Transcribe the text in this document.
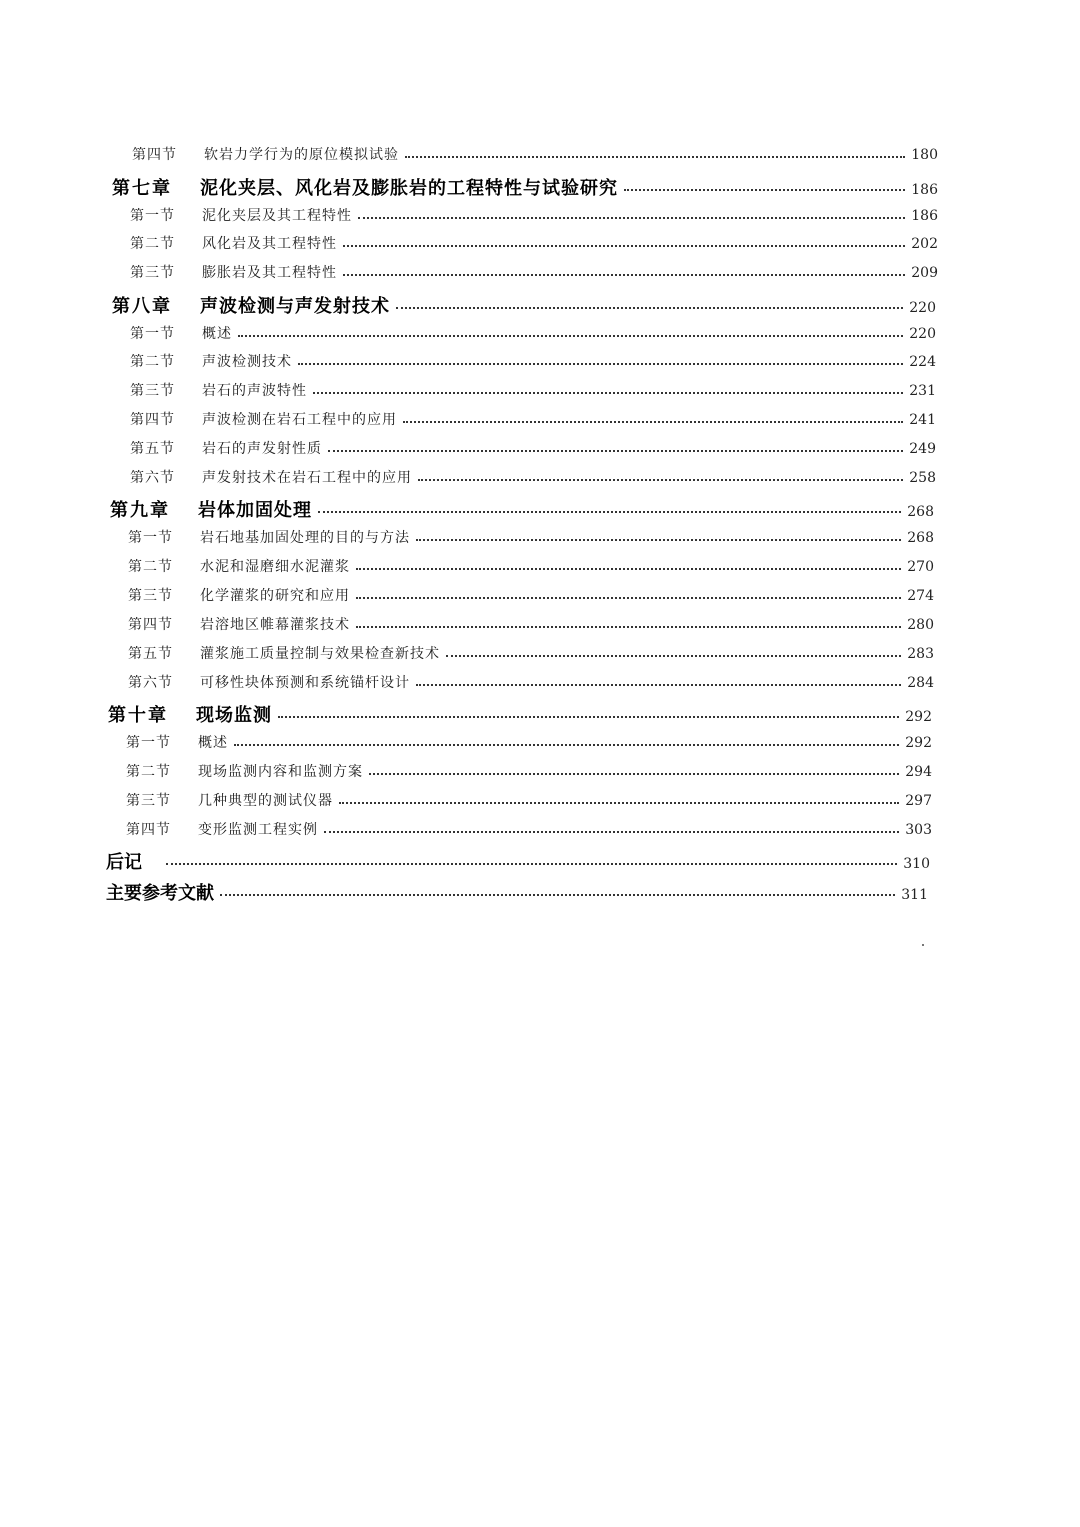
第四节	软岩力学行为的原位模拟试验	180
第七章	泥化夹层、风化岩及膨胀岩的工程特性与试验研究	186
第一节	泥化夹层及其工程特性	186
第二节	风化岩及其工程特性	202
第三节	膨胀岩及其工程特性	209
第八章	声波检测与声发射技术	220
第一节	概述	220
第二节	声波检测技术	224
第三节	岩石的声波特性	231
第四节	声波检测在岩石工程中的应用	241
第五节	岩石的声发射性质	249
第六节	声发射技术在岩石工程中的应用	258
第九章	岩体加固处理	268
第一节	岩石地基加固处理的目的与方法	268
第二节	水泥和湿磨细水泥灌浆	270
第三节	化学灌浆的研究和应用	274
第四节	岩溶地区帷幕灌浆技术	280
第五节	灌浆施工质量控制与效果检查新技术	283
第六节	可移性块体预测和系统锚杆设计	284
第十章	现场监测	292
第一节	概述	292
第二节	现场监测内容和监测方案	294
第三节	几种典型的测试仪器	297
第四节	变形监测工程实例	303
后记	310
主要参考文献	311
